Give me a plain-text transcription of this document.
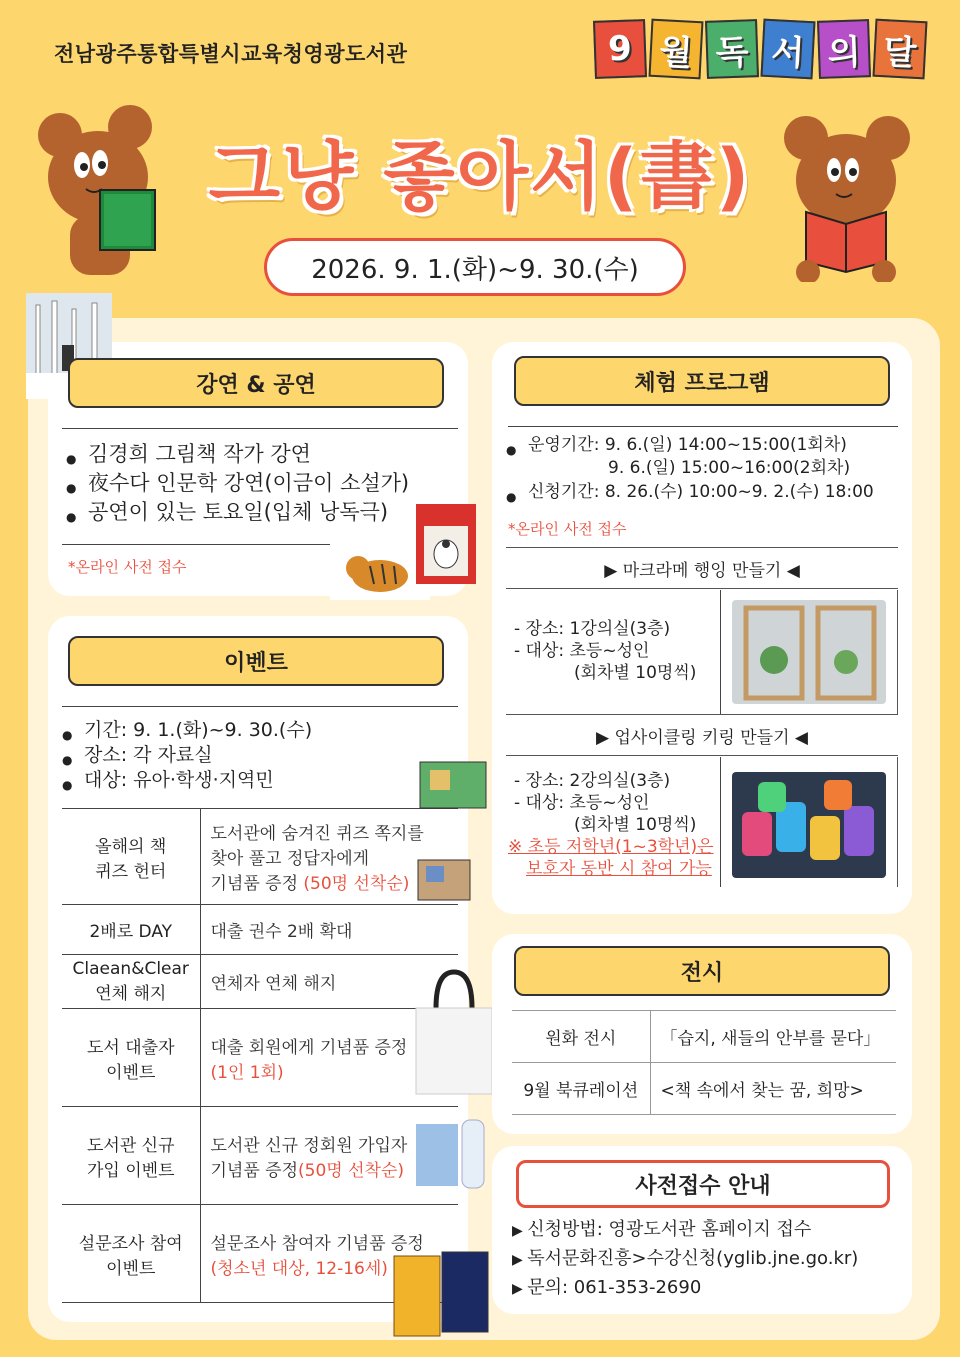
전남광주통합특별시교육청영광도서관	9 월 독 서 의 달
그냥 좋아서(書)
2026. 9. 1.(화)~9. 30.(수)
강연 & 공연
● 김경희 그림책 작가 강연
● 夜수다 인문학 강연(이금이 소설가)
● 공연이 있는 토요일(입체 낭독극)
*온라인 사전 접수
이벤트
● 기간: 9. 1.(화)~9. 30.(수)
● 장소: 각 자료실
● 대상: 유아·학생·지역민
올해의 책
퀴즈 헌터	도서관에 숨겨진 퀴즈 쪽지를
찾아 풀고 정답자에게
기념품 증정 (50명 선착순)
2배로 DAY	대출 권수 2배 확대
Claean&Clear
연체 해지	연체자 연체 해지
도서 대출자
이벤트	대출 회원에게 기념품 증정
(1인 1회)
도서관 신규
가입 이벤트	도서관 신규 정회원 가입자
기념품 증정(50명 선착순)
설문조사 참여
이벤트	설문조사 참여자 기념품 증정
(청소년 대상, 12-16세)
체험 프로그램
● 운영기간: 9. 6.(일) 14:00~15:00(1회차)
9. 6.(일) 15:00~16:00(2회차)
● 신청기간: 8. 26.(수) 10:00~9. 2.(수) 18:00
*온라인 사전 접수
▶ 마크라메 행잉 만들기 ◀
- 장소: 1강의실(3층)
- 대상: 초등~성인
(회차별 10명씩)
▶ 업사이클링 키링 만들기 ◀
- 장소: 2강의실(3층)
- 대상: 초등~성인
(회차별 10명씩)
※ 초등 저학년(1~3학년)은
보호자 동반 시 참여 가능
전시
원화 전시	「습지, 새들의 안부를 묻다」
9월 북큐레이션	<책 속에서 찾는 꿈, 희망>
사전접수 안내
▶ 신청방법: 영광도서관 홈페이지 접수
▶ 독서문화진흥>수강신청(yglib.jne.go.kr)
▶ 문의: 061-353-2690
